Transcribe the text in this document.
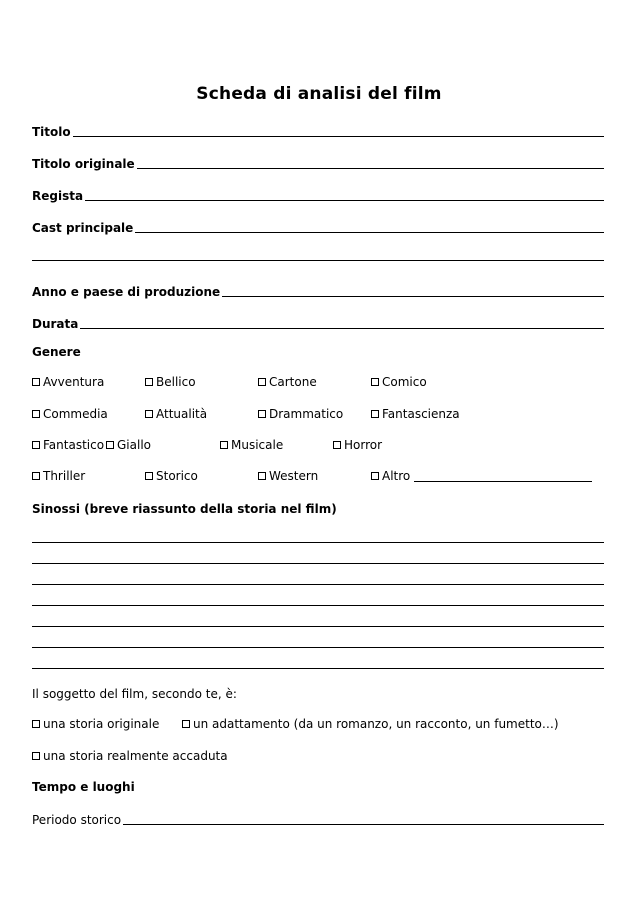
Scheda di analisi del film
Titolo
Titolo originale
Regista
Cast principale
Anno e paese di produzione
Durata
Genere
Avventura	Bellico	Cartone	Comico
Commedia	Attualità	Drammatico	Fantascienza
Fantastico Giallo	Musicale	Horror
Thriller	Storico	Western	Altro
Sinossi (breve riassunto della storia nel film)
Il soggetto del film, secondo te, è:
una storia originale	un adattamento (da un romanzo, un racconto, un fumetto…)
una storia realmente accaduta
Tempo e luoghi
Periodo storico
